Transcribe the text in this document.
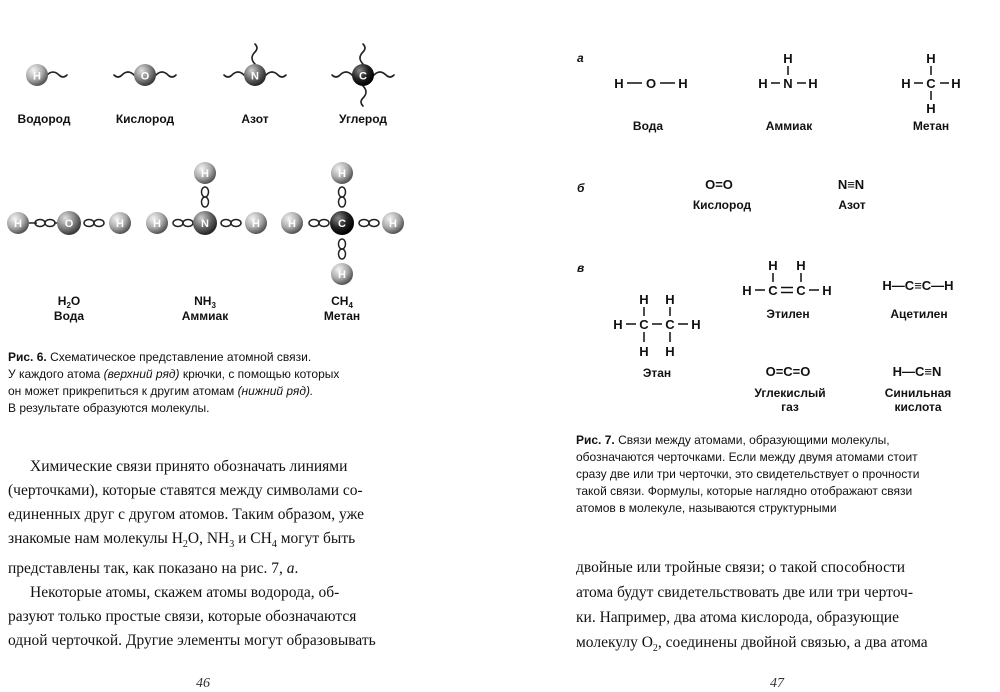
H	O	N	C
Водород	Кислород	Азот	Углерод
H	O	H	H	N	H
H
H	C	H
H
H
$H_2O$
Вода
$NH_3$
Аммиак
$CH_4$
Метан
а
б
в
H O H
H
H N H
H
H C H
H
H H
H C C H
H H
H C C H
H H
O=O	N≡N
H—C≡C—H
O=C=O	H—C≡N
Вода	Аммиак	Метан
Кислород	Азот
Этилен	Ацетилен
Этан
Углекислый
газ
Синильная
кислота
Рис. 6. Схематическое представление атомной связи.
У каждого атома (верхний ряд) крючки, с помощью которых
он может прикрепиться к другим атомам (нижний ряд).
В результате образуются молекулы.
Рис. 7. Связи между атомами, образующими молекулы,
обозначаются черточками. Если между двумя атомами стоит
сразу две или три черточки, это свидетельствует о прочности
такой связи. Формулы, которые наглядно отображают связи
атомов в молекуле, называются структурными
Химические связи принято обозначать линиями
(черточками), которые ставятся между символами со-
единенных друг с другом атомов. Таким образом, уже
знакомые нам молекулы $H_2O$, $NH_3$ и $CH_4$ могут быть
представлены так, как показано на рис. 7, а.
Некоторые атомы, скажем атомы водорода, об-
разуют только простые связи, которые обозначаются
одной черточкой. Другие элементы могут образовывать
двойные или тройные связи; о такой способности
атома будут свидетельствовать две или три черточ-
ки. Например, два атома кислорода, образующие
молекулу $O_2$, соединены двойной связью, а два атома
46	47
